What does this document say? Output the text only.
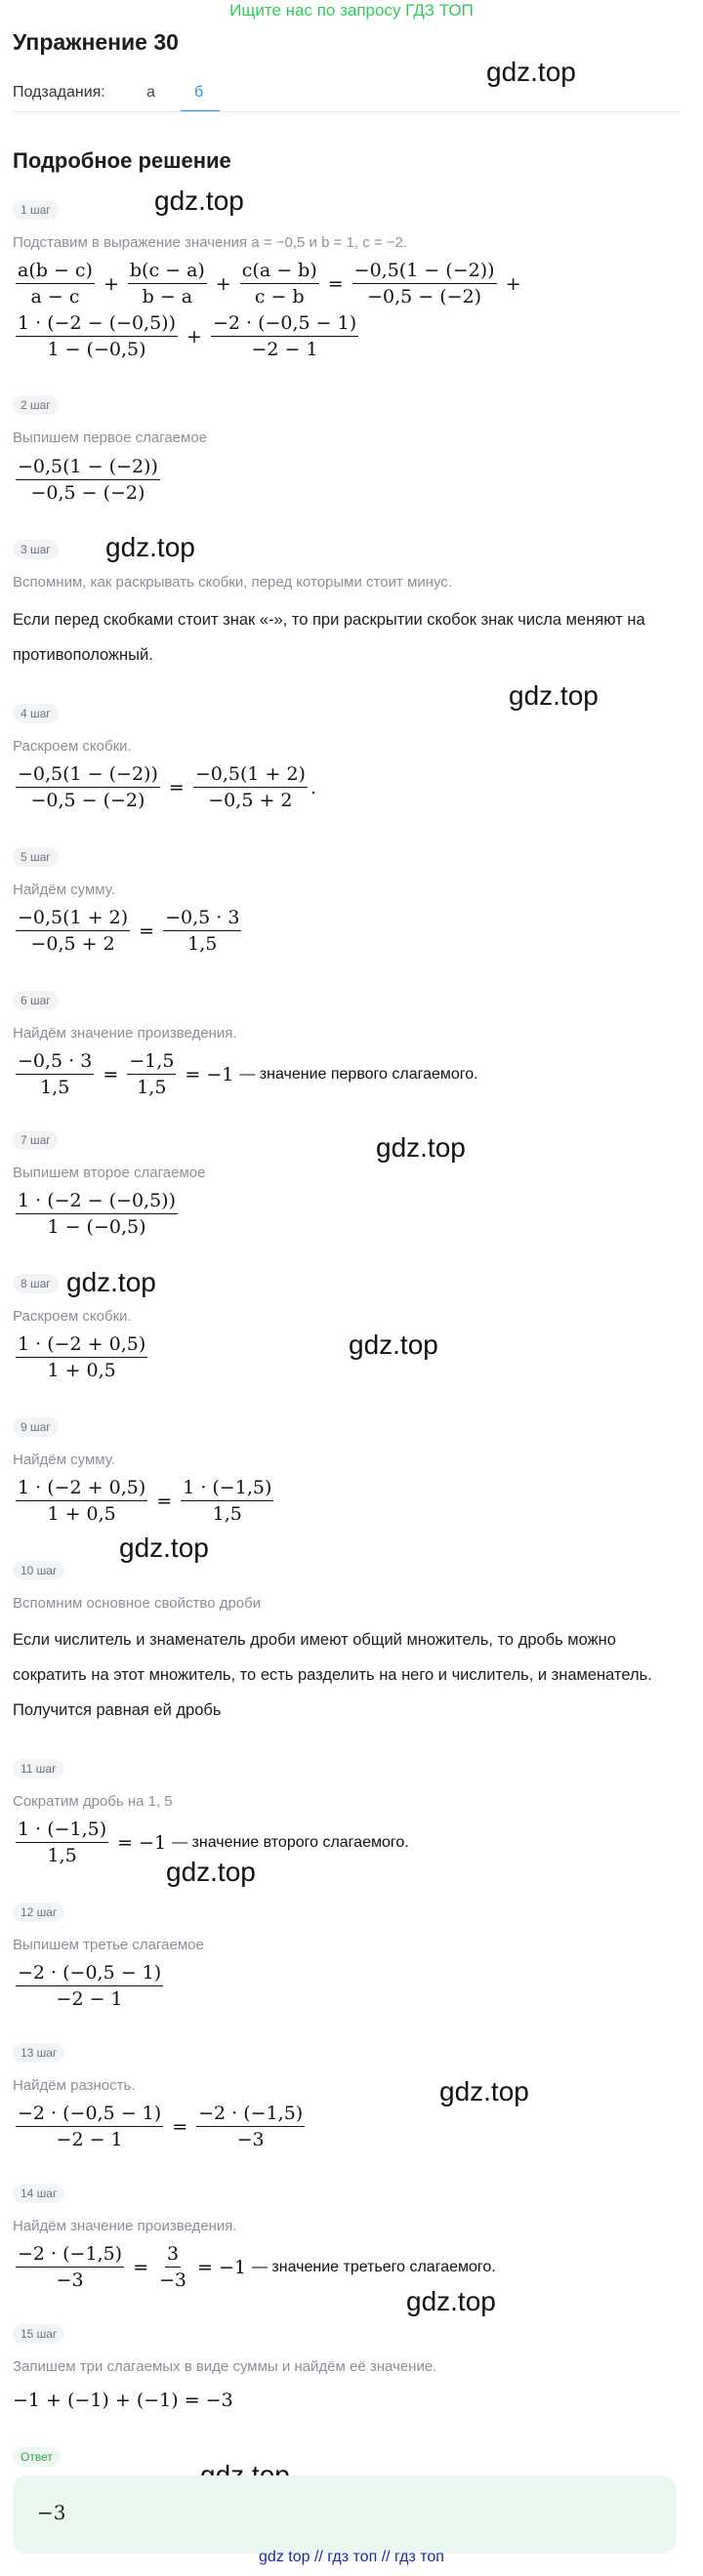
Ищите нас по запросу ГДЗ ТОП
Упражнение 30
Подзадания:	а	б
Подробное решение
gdz.top
gdz.top
gdz.top
gdz.top
gdz.top
gdz.top
gdz.top
gdz.top
gdz.top
gdz.top
gdz.top
1 шаг
Подставим в выражение значения a = −0,5 и b = 1, c = −2.
$\frac{a(b - c)}{a - c} + \frac{b(c - a)}{b - a} + \frac{c(a - b)}{c - b} = \frac{-0,5(1 - (-2))}{-0,5 - (-2)}$ +
$\frac{1 \cdot (-2 - (-0,5))}{1 - (-0,5)} + \frac{-2 \cdot (-0,5 - 1)}{-2 - 1}$
2 шаг
Выпишем первое слагаемое
$\frac{-0,5(1 - (-2))}{-0,5 - (-2)}$
3 шаг
Вспомним, как раскрывать скобки, перед которыми стоит минус.
Если перед скобками стоит знак «-», то при раскрытии скобок знак числа меняют на противоположный.
4 шаг
Раскроем скобки.
$\frac{-0,5(1 - (-2))}{-0,5 - (-2)} = \frac{-0,5(1 + 2)}{-0,5 + 2}$ .
5 шаг
Найдём сумму.
$\frac{-0,5(1 + 2)}{-0,5 + 2} = \frac{-0,5 \cdot 3}{1,5}$
6 шаг
Найдём значение произведения.
$\frac{-0,5 \cdot 3}{1,5} = \frac{-1,5}{1,5} = -1$ — значение первого слагаемого.
7 шаг
Выпишем второе слагаемое
$\frac{1 \cdot (-2 - (-0,5))}{1 - (-0,5)}$
8 шаг
Раскроем скобки.
$\frac{1 \cdot (-2 + 0,5)}{1 + 0,5}$
9 шаг
Найдём сумму.
$\frac{1 \cdot (-2 + 0,5)}{1 + 0,5} = \frac{1 \cdot (-1,5)}{1,5}$
10 шаг
Вспомним основное свойство дроби
Если числитель и знаменатель дроби имеют общий множитель, то дробь можно сократить на этот множитель, то есть разделить на него и числитель, и знаменатель. Получится равная ей дробь
11 шаг
Сократим дробь на 1, 5
$\frac{1 \cdot (-1,5)}{1,5} = -1$ — значение второго слагаемого.
12 шаг
Выпишем третье слагаемое
$\frac{-2 \cdot (-0,5 - 1)}{-2 - 1}$
13 шаг
Найдём разность.
$\frac{-2 \cdot (-0,5 - 1)}{-2 - 1} = \frac{-2 \cdot (-1,5)}{-3}$
14 шаг
Найдём значение произведения.
$\frac{-2 \cdot (-1,5)}{-3} = \frac{3}{-3} = -1$ — значение третьего слагаемого.
15 шаг
Запишем три слагаемых в виде суммы и найдём её значение.
−1 + (−1) + (−1) = −3
Ответ
−3
gdz top // гдз топ // гдз топ
